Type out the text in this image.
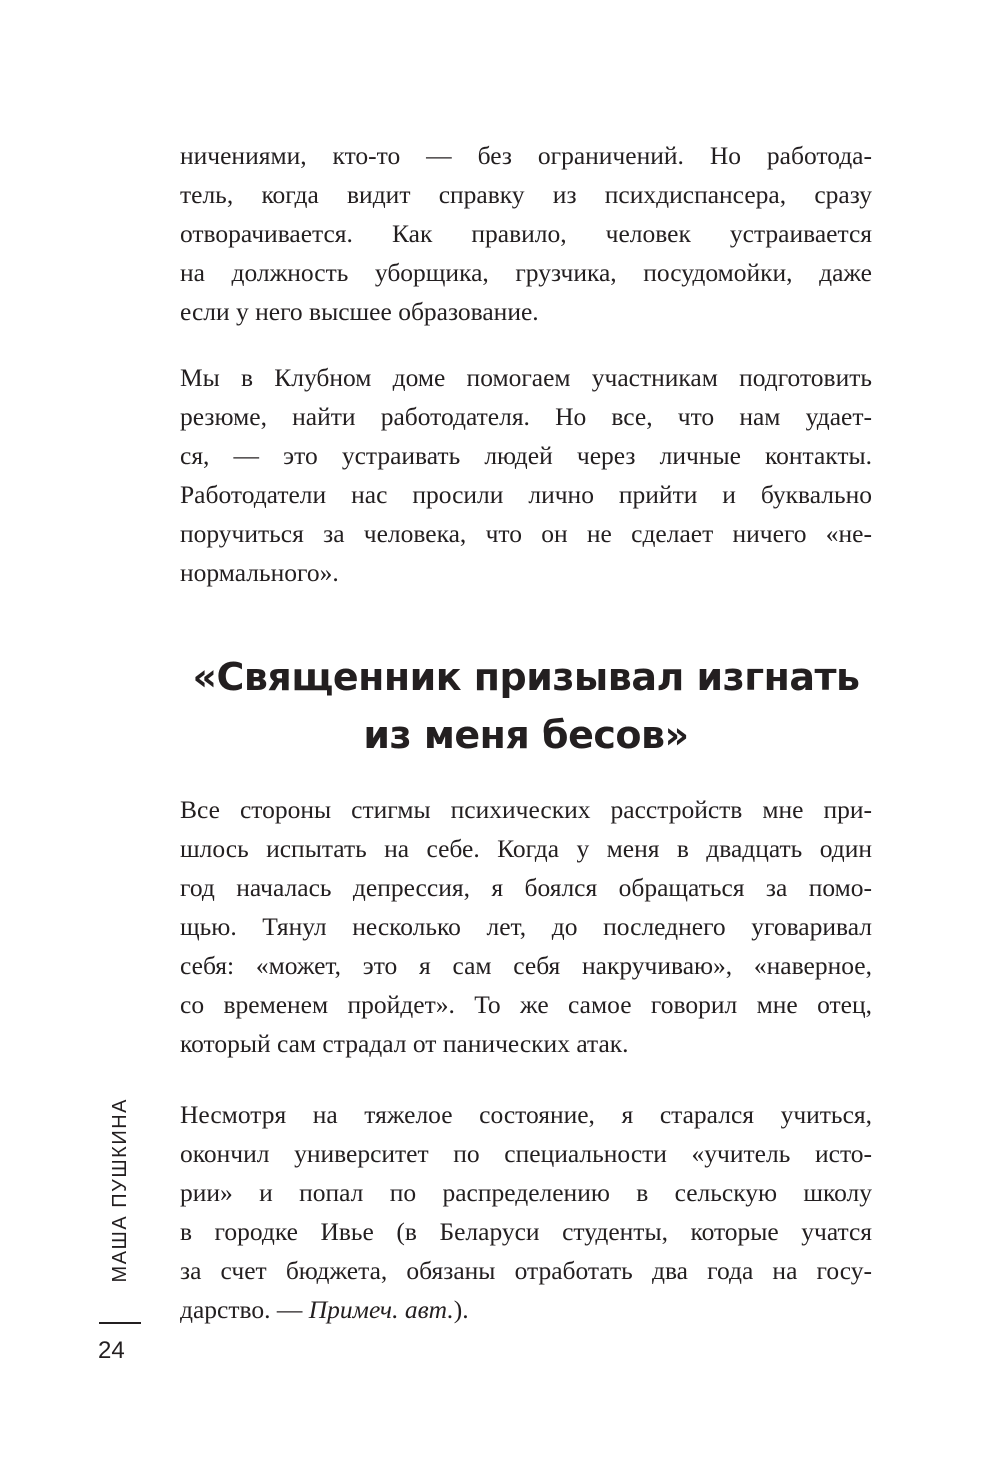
ничениями, кто-то — без ограничений. Но работода-
тель, когда видит справку из психдиспансера, сразу
отворачивается. Как правило, человек устраивается
на должность уборщика, грузчика, посудомойки, даже
если у него высшее образование.
Мы в Клубном доме помогаем участникам подготовить
резюме, найти работодателя. Но все, что нам удает-
ся, — это устраивать людей через личные контакты.
Работодатели нас просили лично прийти и буквально
поручиться за человека, что он не сделает ничего «не-
нормального».
«Священник призывал изгнать
из меня бесов»
Все стороны стигмы психических расстройств мне при-
шлось испытать на себе. Когда у меня в двадцать один
год началась депрессия, я боялся обращаться за помо-
щью. Тянул несколько лет, до последнего уговаривал
себя: «может, это я сам себя накручиваю», «наверное,
со временем пройдет». То же самое говорил мне отец,
который сам страдал от панических атак.
Несмотря на тяжелое состояние, я старался учиться,
окончил университет по специальности «учитель исто-
рии» и попал по распределению в сельскую школу
в городке Ивье (в Беларуси студенты, которые учатся
за счет бюджета, обязаны отработать два года на госу-
дарство. — Примеч. авт.).
МАША ПУШКИНА
24
